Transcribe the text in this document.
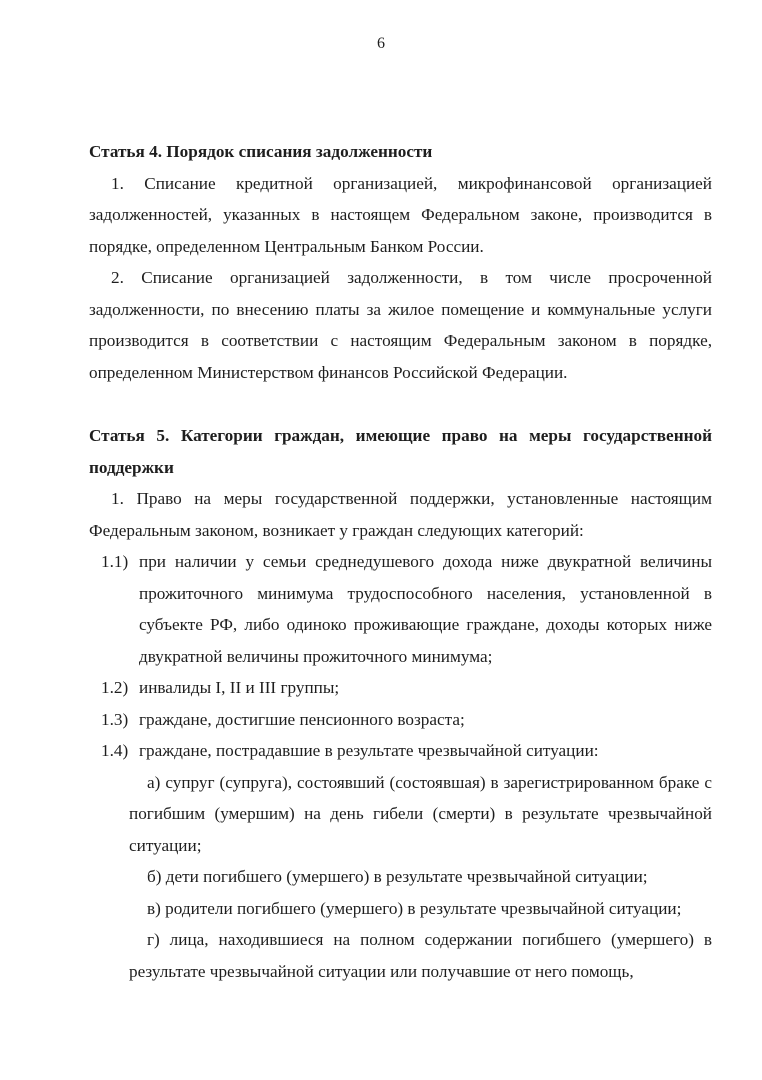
6

Статья 4. Порядок списания задолженности

1. Списание кредитной организацией, микрофинансовой организацией задолженностей, указанных в настоящем Федеральном законе, производится в порядке, определенном Центральным Банком России.

2. Списание организацией задолженности, в том числе просроченной задолженности, по внесению платы за жилое помещение и коммунальные услуги производится в соответствии с настоящим Федеральным законом в порядке, определенном Министерством финансов Российской Федерации.

Статья 5. Категории граждан, имеющие право на меры государственной поддержки

1. Право на меры государственной поддержки, установленные настоящим Федеральным законом, возникает у граждан следующих категорий:

1.1) при наличии у семьи среднедушевого дохода ниже двукратной величины прожиточного минимума трудоспособного населения, установленной в субъекте РФ, либо одиноко проживающие граждане, доходы которых ниже двукратной величины прожиточного минимума;
1.2) инвалиды I, II и III группы;
1.3) граждане, достигшие пенсионного возраста;
1.4) граждане, пострадавшие в результате чрезвычайной ситуации:

а) супруг (супруга), состоявший (состоявшая) в зарегистрированном браке с погибшим (умершим) на день гибели (смерти) в результате чрезвычайной ситуации;

б) дети погибшего (умершего) в результате чрезвычайной ситуации;

в) родители погибшего (умершего) в результате чрезвычайной ситуации;

г) лица, находившиеся на полном содержании погибшего (умершего) в результате чрезвычайной ситуации или получавшие от него помощь,
